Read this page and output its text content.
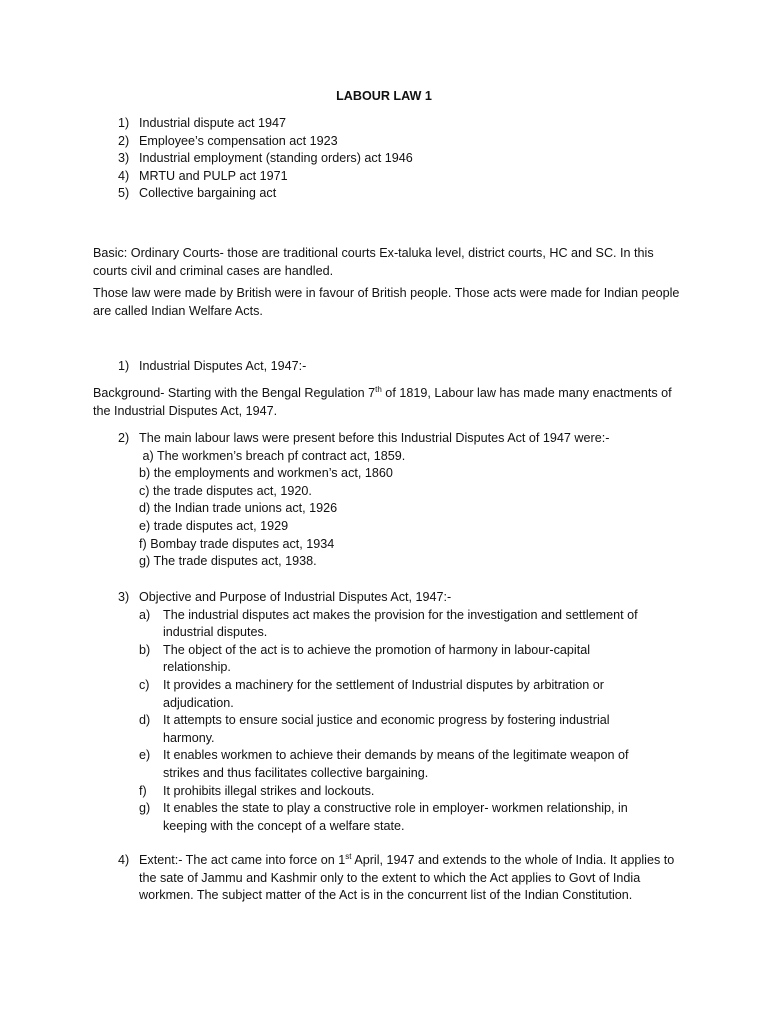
LABOUR LAW 1
1) Industrial dispute act 1947
2) Employee’s compensation act 1923
3) Industrial employment (standing orders) act 1946
4) MRTU and PULP act 1971
5) Collective bargaining act
Basic: Ordinary Courts- those are traditional courts Ex-taluka level, district courts, HC and SC. In this courts civil and criminal cases are handled.
Those law were made by British were in favour of British people. Those acts were made for Indian people are called Indian Welfare Acts.
1) Industrial Disputes Act, 1947:-
Background- Starting with the Bengal Regulation 7th of 1819, Labour law has made many enactments of the Industrial Disputes Act, 1947.
2) The main labour laws were present before this Industrial Disputes Act of 1947 were:-
a) The workmen’s breach pf contract act, 1859.
b) the employments and workmen’s act, 1860
c) the trade disputes act, 1920.
d) the Indian trade unions act, 1926
e) trade disputes act, 1929
f) Bombay trade disputes act, 1934
g) The trade disputes act, 1938.
3) Objective and Purpose of Industrial Disputes Act, 1947:-
a) The industrial disputes act makes the provision for the investigation and settlement of industrial disputes.
b) The object of the act is to achieve the promotion of harmony in labour-capital relationship.
c) It provides a machinery for the settlement of Industrial disputes by arbitration or adjudication.
d) It attempts to ensure social justice and economic progress by fostering industrial harmony.
e) It enables workmen to achieve their demands by means of the legitimate weapon of strikes and thus facilitates collective bargaining.
f) It prohibits illegal strikes and lockouts.
g) It enables the state to play a constructive role in employer- workmen relationship, in keeping with the concept of a welfare state.
4) Extent:- The act came into force on 1st April, 1947 and extends to the whole of India. It applies to the sate of Jammu and Kashmir only to the extent to which the Act applies to Govt of India workmen. The subject matter of the Act is in the concurrent list of the Indian Constitution.
